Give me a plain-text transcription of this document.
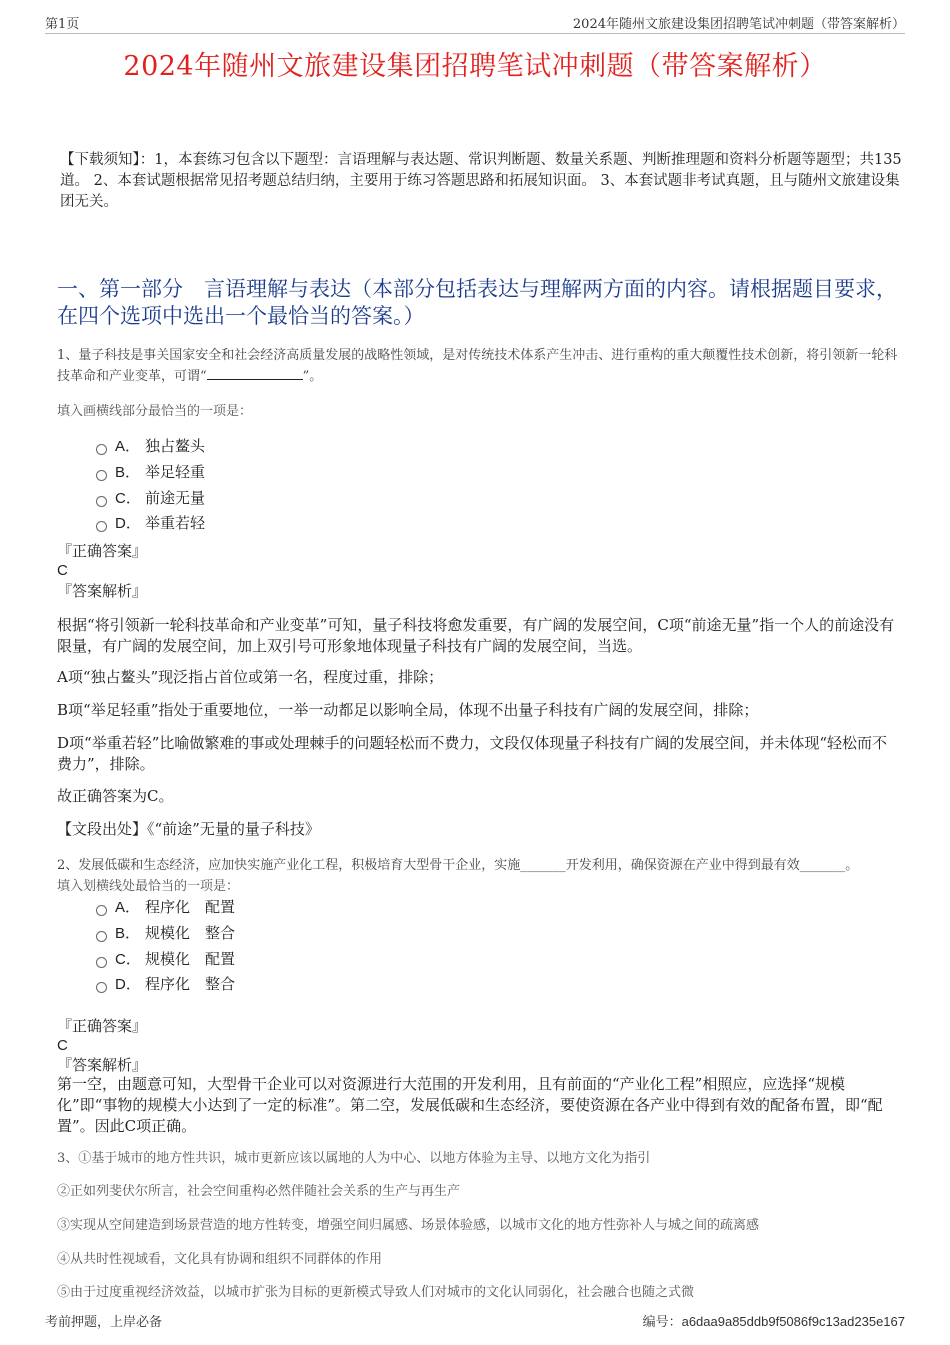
第1页	2024年随州文旅建设集团招聘笔试冲刺题（带答案解析）
2024年随州文旅建设集团招聘笔试冲刺题（带答案解析）
【下载须知】：1，本套练习包含以下题型：言语理解与表达题、常识判断题、数量关系题、判断推理题和资料分析题等题型；共135道。 2、本套试题根据常见招考题总结归纳，主要用于练习答题思路和拓展知识面。 3、本套试题非考试真题，且与随州文旅建设集团无关。
一、第一部分　言语理解与表达（本部分包括表达与理解两方面的内容。请根据题目要求，在四个选项中选出一个最恰当的答案。）
1、量子科技是事关国家安全和社会经济高质量发展的战略性领域，是对传统技术体系产生冲击、进行重构的重大颠覆性技术创新，将引领新一轮科技革命和产业变革，可谓“	”。
填入画横线部分最恰当的一项是：
A． 独占鳌头
B． 举足轻重
C． 前途无量
D． 举重若轻
『正确答案』
C
『答案解析』
根据“将引领新一轮科技革命和产业变革”可知，量子科技将愈发重要，有广阔的发展空间，C项“前途无量”指一个人的前途没有限量，有广阔的发展空间，加上双引号可形象地体现量子科技有广阔的发展空间，当选。
A项“独占鳌头”现泛指占首位或第一名，程度过重，排除；
B项“举足轻重”指处于重要地位，一举一动都足以影响全局，体现不出量子科技有广阔的发展空间，排除；
D项“举重若轻”比喻做繁难的事或处理棘手的问题轻松而不费力，文段仅体现量子科技有广阔的发展空间，并未体现“轻松而不费力”，排除。
故正确答案为C。
【文段出处】《“前途”无量的量子科技》
2、发展低碳和生态经济，应加快实施产业化工程，积极培育大型骨干企业，实施_______开发利用，确保资源在产业中得到最有效_______。
填入划横线处最恰当的一项是：
A． 程序化　配置
B． 规模化　整合
C． 规模化　配置
D． 程序化　整合
『正确答案』
C
『答案解析』
第一空，由题意可知，大型骨干企业可以对资源进行大范围的开发利用，且有前面的“产业化工程”相照应，应选择“规模化”即“事物的规模大小达到了一定的标准”。第二空，发展低碳和生态经济，要使资源在各产业中得到有效的配备布置，即“配置”。因此C项正确。
3、①基于城市的地方性共识，城市更新应该以属地的人为中心、以地方体验为主导、以地方文化为指引
②正如列斐伏尔所言，社会空间重构必然伴随社会关系的生产与再生产
③实现从空间建造到场景营造的地方性转变，增强空间归属感、场景体验感，以城市文化的地方性弥补人与城之间的疏离感
④从共时性视域看，文化具有协调和组织不同群体的作用
⑤由于过度重视经济效益，以城市扩张为目标的更新模式导致人们对城市的文化认同弱化，社会融合也随之式微
考前押题，上岸必备	编号：a6daa9a85ddb9f5086f9c13ad235e167
